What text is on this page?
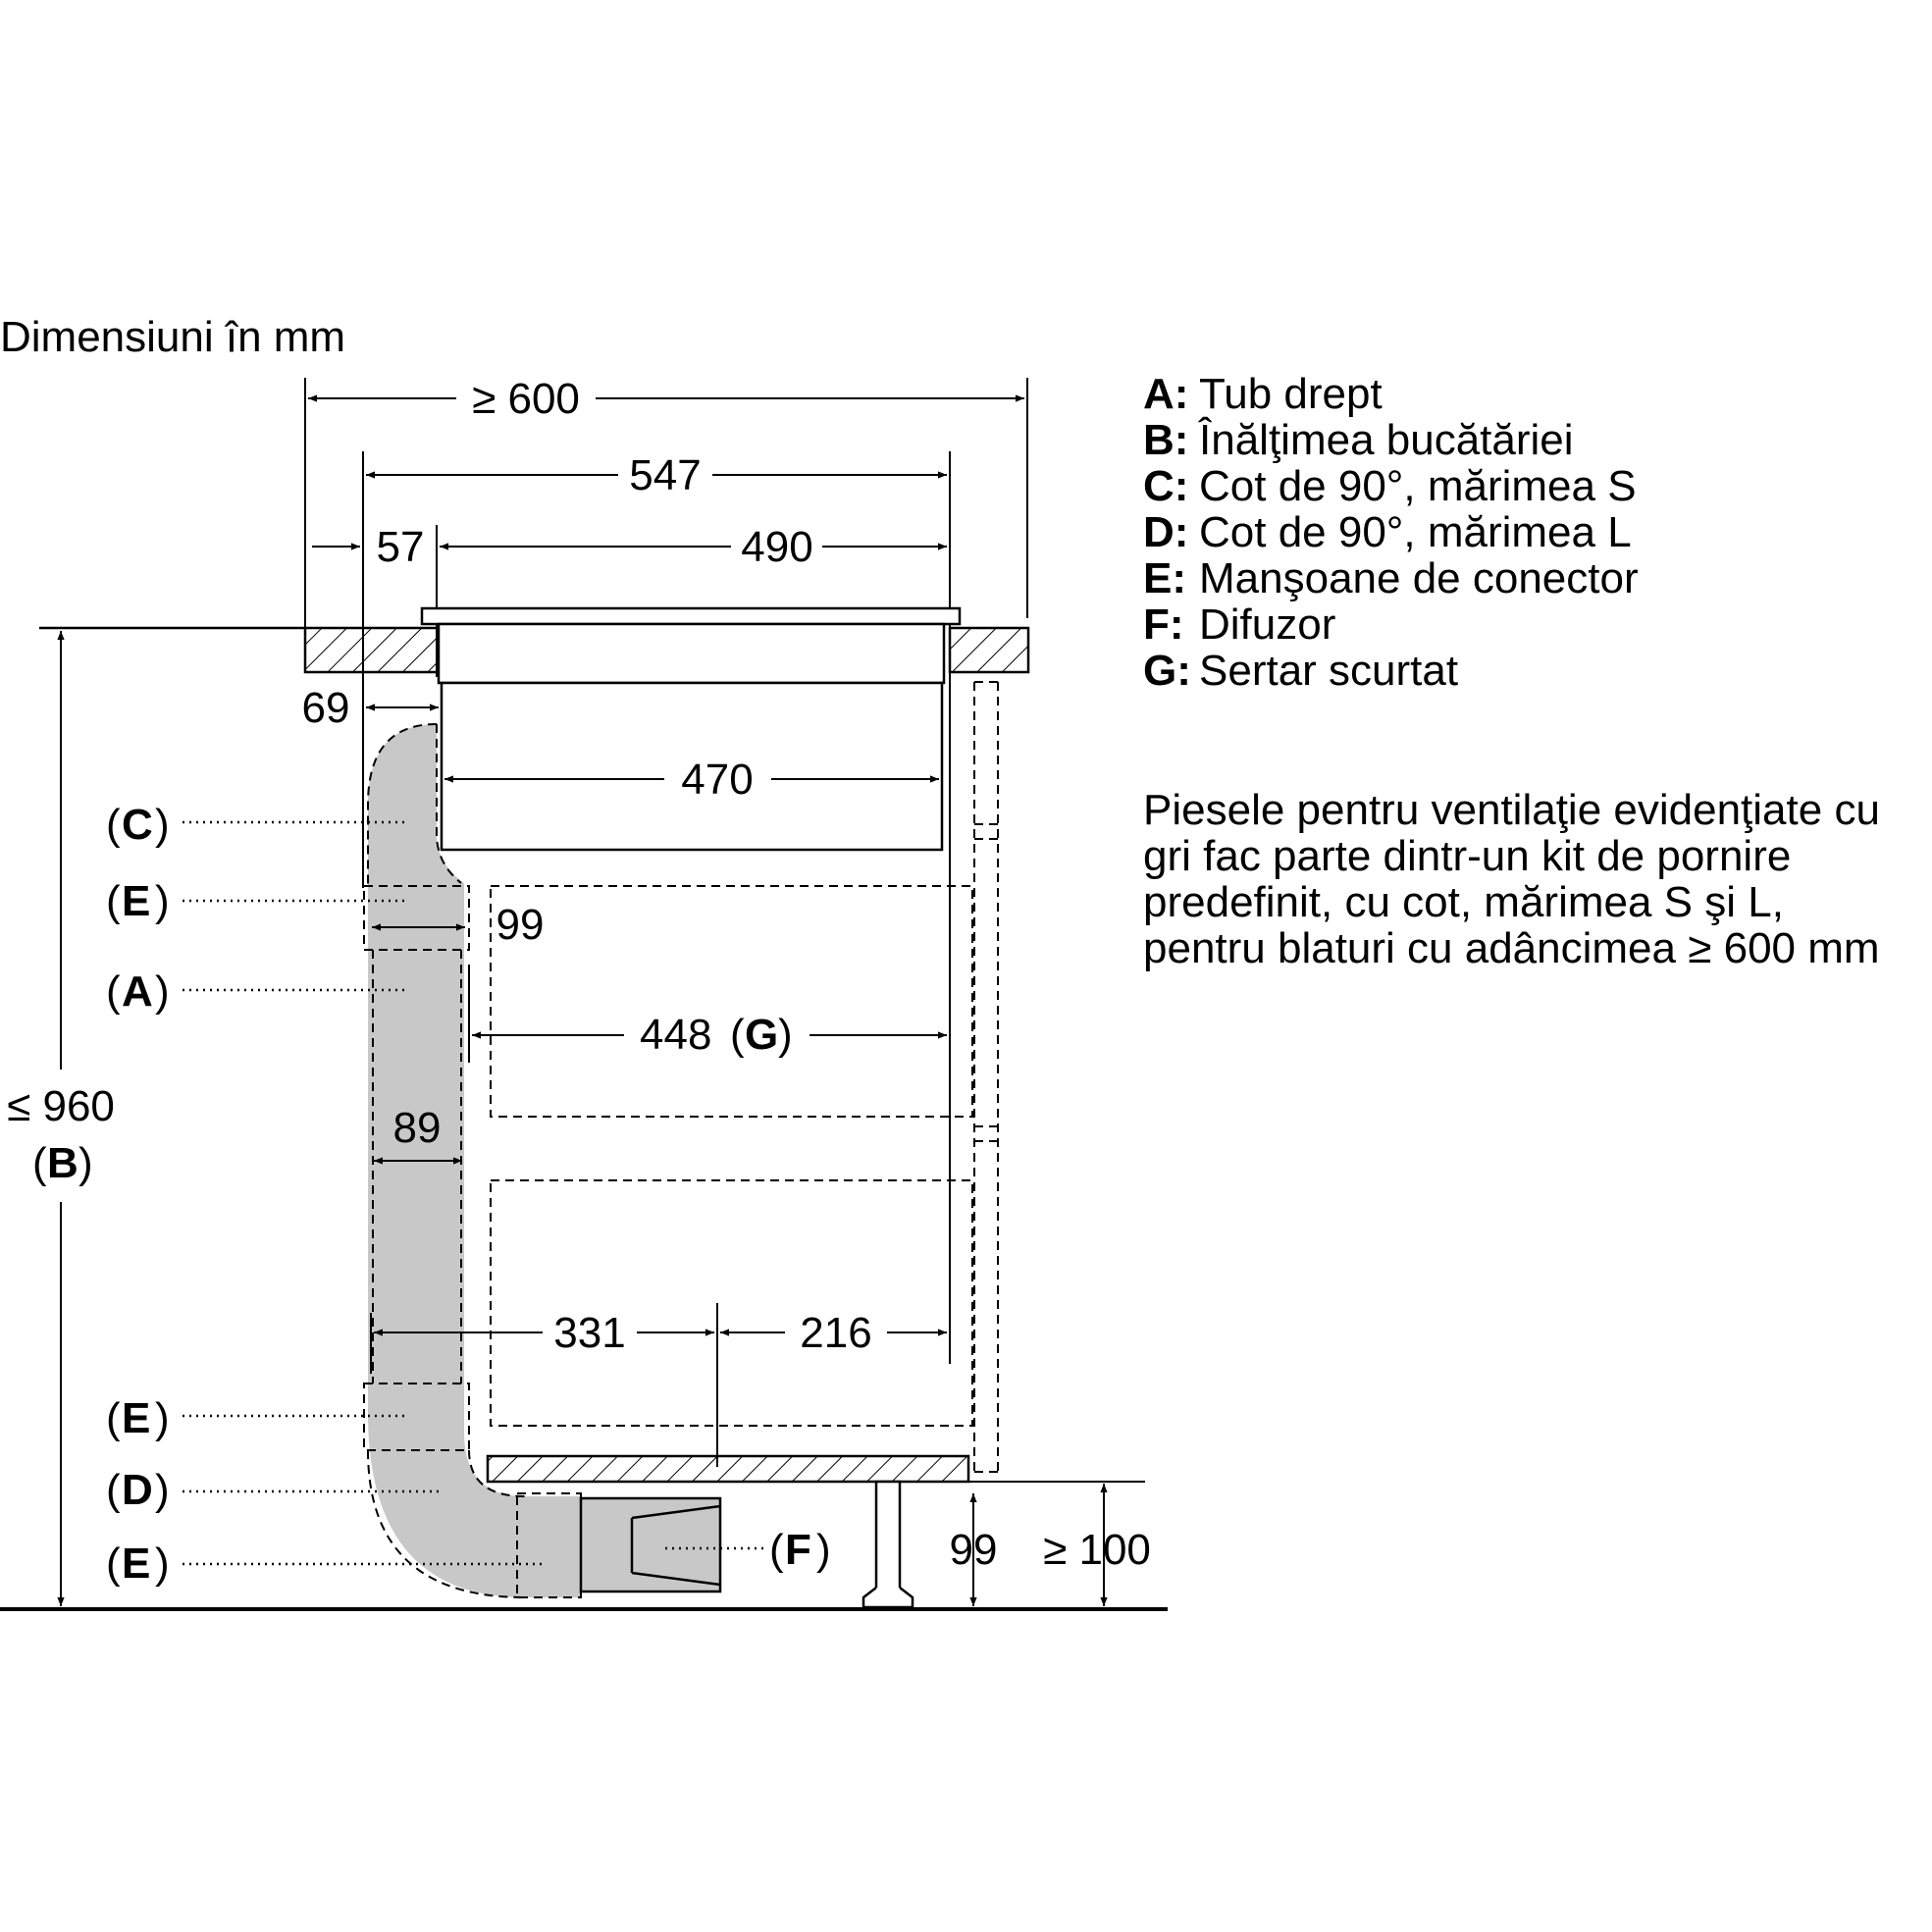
Dimensiuni în mm
≥ 600
547
57	490
69
470
99
448 ( G )
89
331	216
99 ≥ 100
≤ 960
( B )
( C )
( E )
( A )
( E )
( D )
( E )	( F )
A: Tub drept
B: Înălţimea bucătăriei
C: Cot de 90°, mărimea S
D: Cot de 90°, mărimea L
E: Manşoane de conector
F: Difuzor
G: Sertar scurtat
Piesele pentru ventilaţie evidenţiate cu
gri fac parte dintr-un kit de pornire
predefinit, cu cot, mărimea S şi L,
pentru blaturi cu adâncimea ≥ 600 mm
